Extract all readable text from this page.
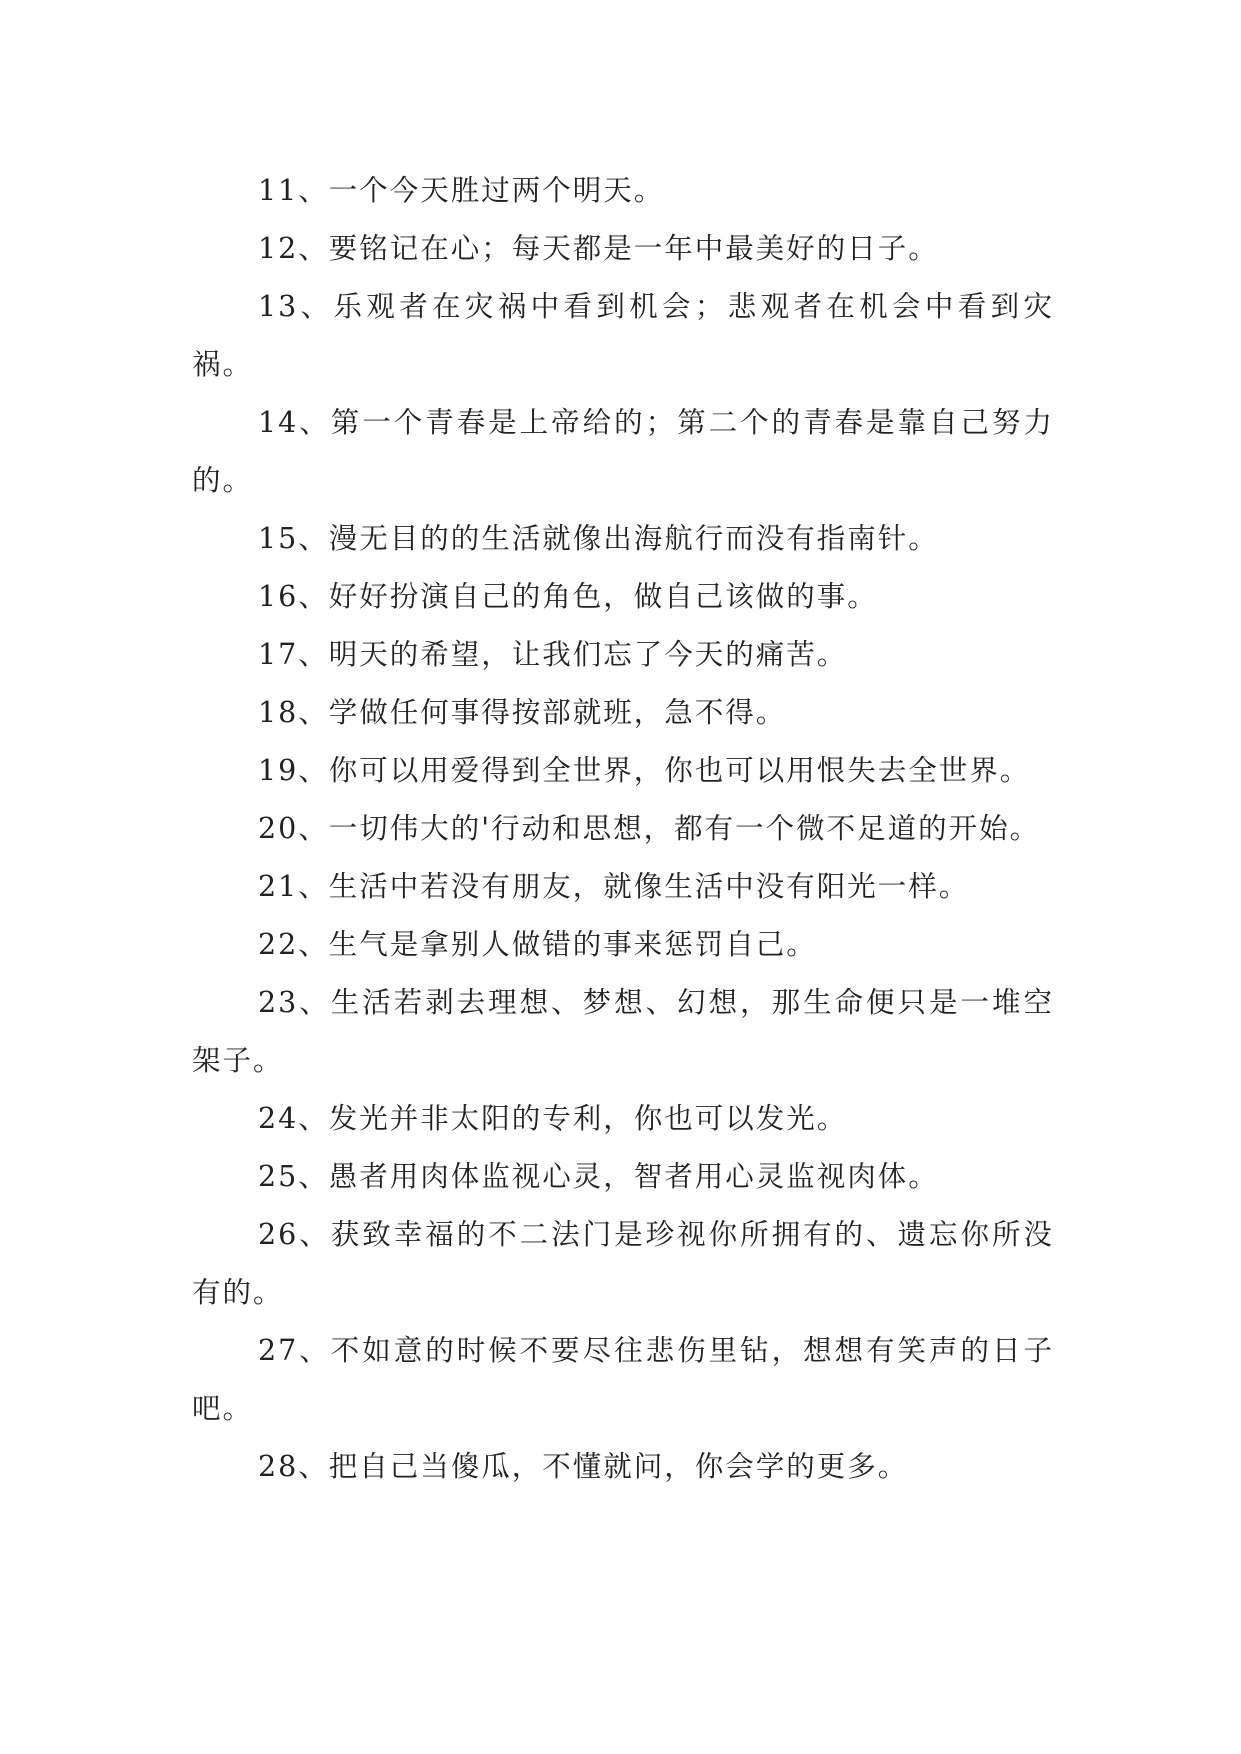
11、一个今天胜过两个明天。

12、要铭记在心；每天都是一年中最美好的日子。

13、乐观者在灾祸中看到机会；悲观者在机会中看到灾祸。

14、第一个青春是上帝给的；第二个的青春是靠自己努力的。

15、漫无目的的生活就像出海航行而没有指南针。

16、好好扮演自己的角色，做自己该做的事。

17、明天的希望，让我们忘了今天的痛苦。

18、学做任何事得按部就班，急不得。

19、你可以用爱得到全世界，你也可以用恨失去全世界。

20、一切伟大的'行动和思想，都有一个微不足道的开始。

21、生活中若没有朋友，就像生活中没有阳光一样。

22、生气是拿别人做错的事来惩罚自己。

23、生活若剥去理想、梦想、幻想，那生命便只是一堆空架子。

24、发光并非太阳的专利，你也可以发光。

25、愚者用肉体监视心灵，智者用心灵监视肉体。

26、获致幸福的不二法门是珍视你所拥有的、遗忘你所没有的。

27、不如意的时候不要尽往悲伤里钻，想想有笑声的日子吧。

28、把自己当傻瓜，不懂就问，你会学的更多。
